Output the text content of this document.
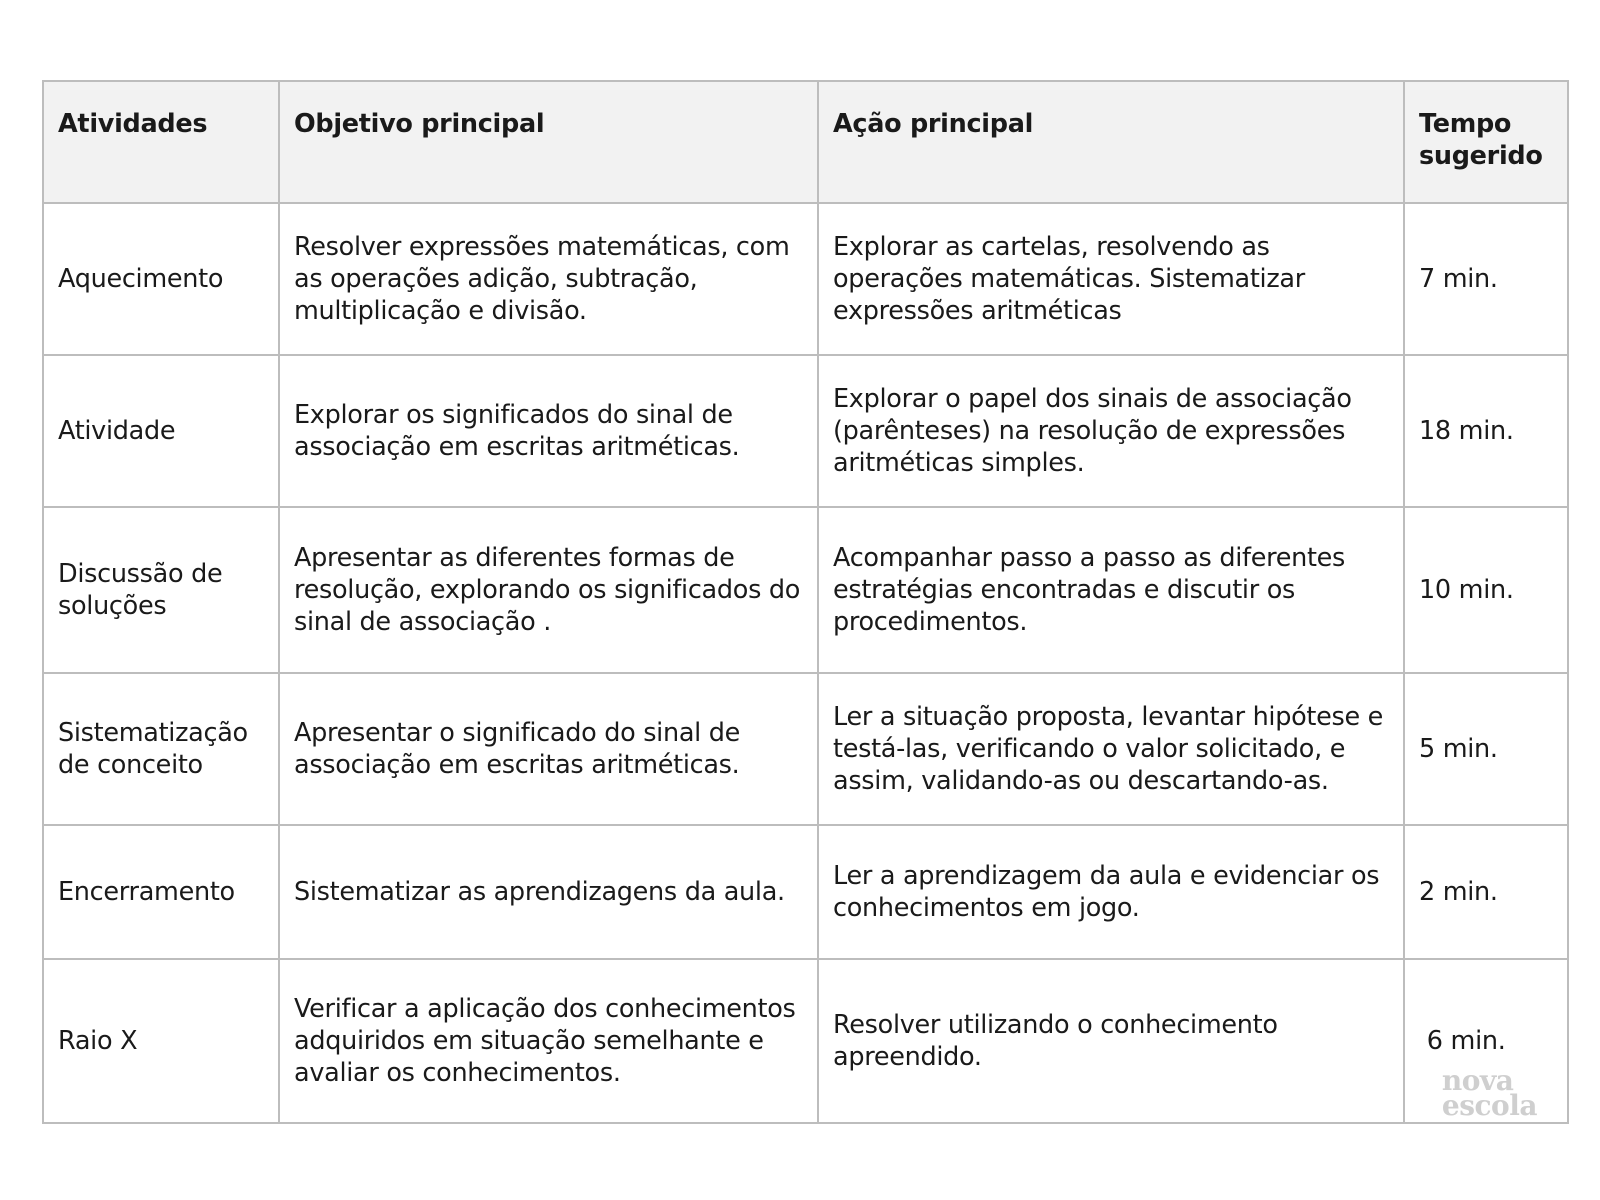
Atividades	Objetivo principal	Ação principal	Tempo sugerido
Aquecimento	Resolver expressões matemáticas, com as operações adição, subtração, multiplicação e divisão.	Explorar as cartelas, resolvendo as operações matemáticas. Sistematizar expressões aritméticas	7 min.
Atividade	Explorar os significados do sinal de associação em escritas aritméticas.	Explorar o papel dos sinais de associação (parênteses) na resolução de expressões aritméticas simples.	18 min.
Discussão de soluções	Apresentar as diferentes formas de resolução, explorando os significados do sinal de associação .	Acompanhar passo a passo as diferentes estratégias encontradas e discutir os procedimentos.	10 min.
Sistematização de conceito	Apresentar o significado do sinal de associação em escritas aritméticas.	Ler a situação proposta, levantar hipótese e testá-las, verificando o valor solicitado, e assim, validando-as ou descartando-as.	5 min.
Encerramento	Sistematizar as aprendizagens da aula.	Ler a aprendizagem da aula e evidenciar os conhecimentos em jogo.	2 min.
Raio X	Verificar a aplicação dos conhecimentos adquiridos em situação semelhante e avaliar os conhecimentos.	Resolver utilizando o conhecimento apreendido.	6 min.
nova
escola
